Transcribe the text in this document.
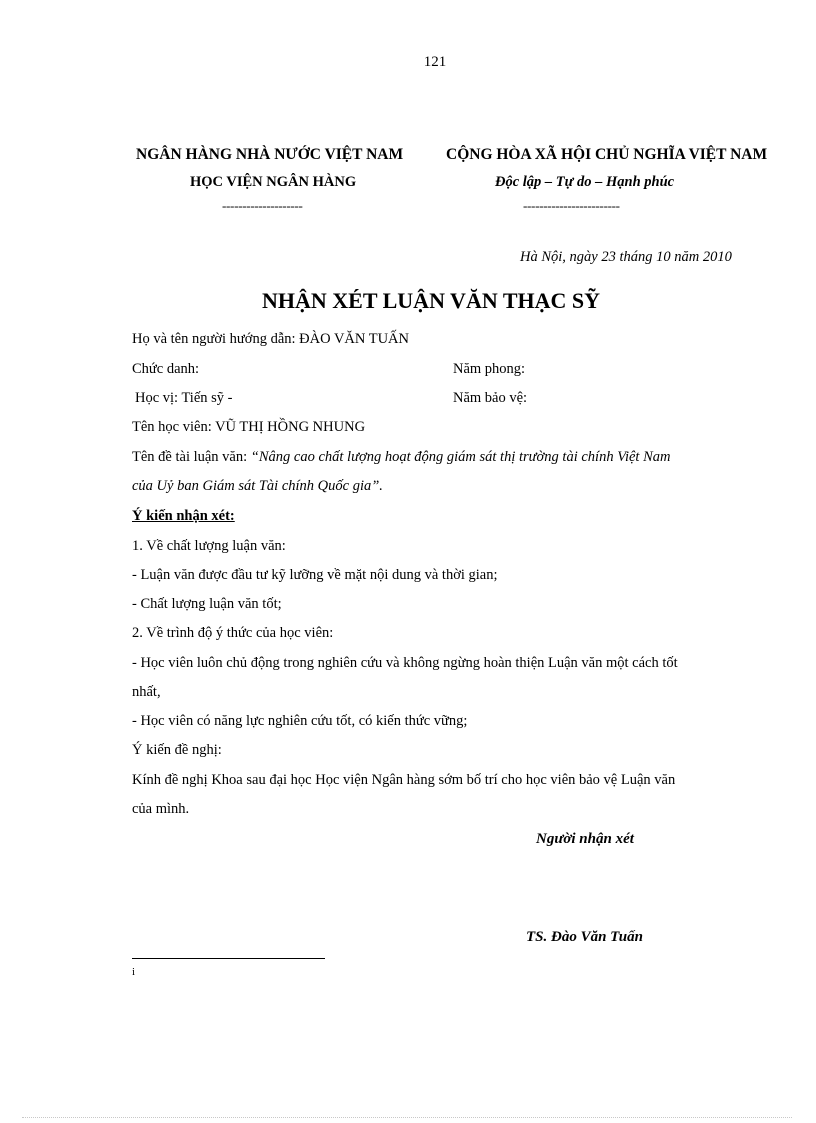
121
NGÂN HÀNG NHÀ NƯỚC VIỆT NAM	CỘNG HÒA XÃ HỘI CHỦ NGHĨA VIỆT NAM
HỌC VIỆN NGÂN HÀNG	Độc lập – Tự do – Hạnh phúc
--------------------	------------------------
Hà Nội, ngày 23 tháng 10 năm 2010
NHẬN XÉT LUẬN VĂN THẠC SỸ
Họ và tên người hướng dẫn: ĐÀO VĂN TUẤN
Chức danh:	Năm phong:
Học vị: Tiến sỹ -	Năm bảo vệ:
Tên học viên: VŨ THỊ HỒNG NHUNG
Tên đề tài luận văn: “Nâng cao chất lượng hoạt động giám sát thị trường tài chính Việt Nam
của Uỷ ban Giám sát Tài chính Quốc gia”.
Ý kiến nhận xét:
1. Về chất lượng luận văn:
- Luận văn được đầu tư kỹ lưỡng về mặt nội dung và thời gian;
- Chất lượng luận văn tốt;
2. Về trình độ ý thức của học viên:
- Học viên luôn chủ động trong nghiên cứu và không ngừng hoàn thiện Luận văn một cách tốt
nhất,
- Học viên có năng lực nghiên cứu tốt, có kiến thức vững;
Ý kiến đề nghị:
Kính đề nghị Khoa sau đại học Học viện Ngân hàng sớm bố trí cho học viên bảo vệ Luận văn
của mình.
Người nhận xét
TS. Đào Văn Tuấn
i
